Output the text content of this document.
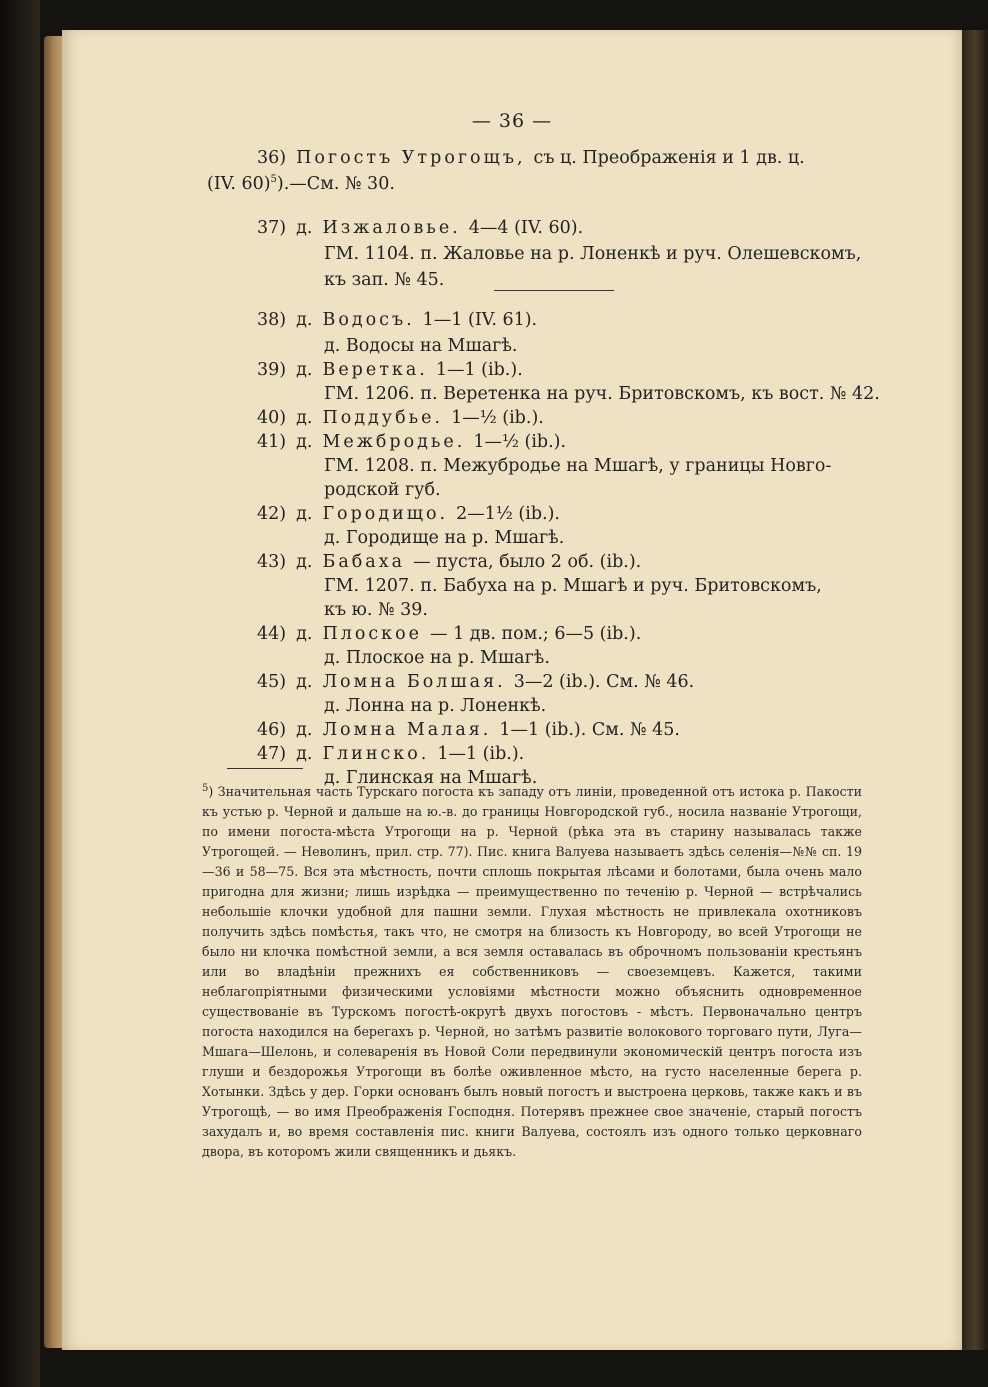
— 36 —
36) Погостъ Утрогощъ, съ ц. Преображенія и 1 дв. ц.
(IV. 60)$^5$).—См. № 30.
37) д. Изжаловье. 4—4 (IV. 60).
ГМ. 1104. п. Жаловье на р. Лоненкѣ и руч. Олешевскомъ,
къ зап. № 45.
38) д. Водосъ. 1—1 (IV. 61).
д. Водосы на Мшагѣ.
39) д. Веретка. 1—1 (ib.).
ГМ. 1206. п. Веретенка на руч. Бритовскомъ, къ вост. № 42.
40) д. Поддубье. 1—½ (ib.).
41) д. Межбродье. 1—½ (ib.).
ГМ. 1208. п. Межубродье на Мшагѣ, у границы Новго-
родской губ.
42) д. Городищо. 2—1½ (ib.).
д. Городище на р. Мшагѣ.
43) д. Бабаха — пуста, было 2 об. (ib.).
ГМ. 1207. п. Бабуха на р. Мшагѣ и руч. Бритовскомъ,
къ ю. № 39.
44) д. Плоское — 1 дв. пом.; 6—5 (ib.).
д. Плоское на р. Мшагѣ.
45) д. Ломна Болшая. 3—2 (ib.). См. № 46.
д. Лонна на р. Лоненкѣ.
46) д. Ломна Малая. 1—1 (ib.). См. № 45.
47) д. Глинско. 1—1 (ib.).
д. Глинская на Мшагѣ.

$^5$) Значительная часть Турскаго погоста къ западу отъ линіи, проведенной отъ истока р. Пакости къ устью р. Черной и дальше на ю.-в. до границы Новгородской губ., носила названіе Утрогощи, по имени погоста-мѣста Утрогощи на р. Черной (рѣка эта въ старину называлась также Утрогощей. — Неволинъ, прил. стр. 77). Пис. книга Валуева называетъ здѣсь селенія—№№ сп. 19—36 и 58—75. Вся эта мѣстность, почти сплошь покрытая лѣсами и болотами, была очень мало пригодна для жизни; лишь изрѣдка — преимущественно по теченію р. Черной — встрѣчались небольшіе клочки удобной для пашни земли. Глухая мѣстность не привлекала охотниковъ получить здѣсь помѣстья, такъ что, не смотря на близость къ Новгороду, во всей Утрогощи не было ни клочка помѣстной земли, а вся земля оставалась въ оброчномъ пользованіи крестьянъ или во владѣніи прежнихъ ея собственниковъ — своеземцевъ. Кажется, такими неблагопріятными физическими условіями мѣстности можно объяснить одновременное существованіе въ Турскомъ погостѣ-округѣ двухъ погостовъ - мѣстъ. Первоначально центръ погоста находился на берегахъ р. Черной, но затѣмъ развитіе волокового торговаго пути, Луга—Мшага—Шелонь, и солеваренія въ Новой Соли передвинули экономическій центръ погоста изъ глуши и бездорожья Утрогощи въ болѣе оживленное мѣсто, на густо населенные берега р. Хотынки. Здѣсь у дер. Горки основанъ былъ новый погостъ и выстроена церковь, также какъ и въ Утрогощѣ, — во имя Преображенія Господня. Потерявъ прежнее свое значеніе, старый погостъ захудалъ и, во время составленія пис. книги Валуева, состоялъ изъ одного только церковнаго двора, въ которомъ жили священникъ и дьякъ.
